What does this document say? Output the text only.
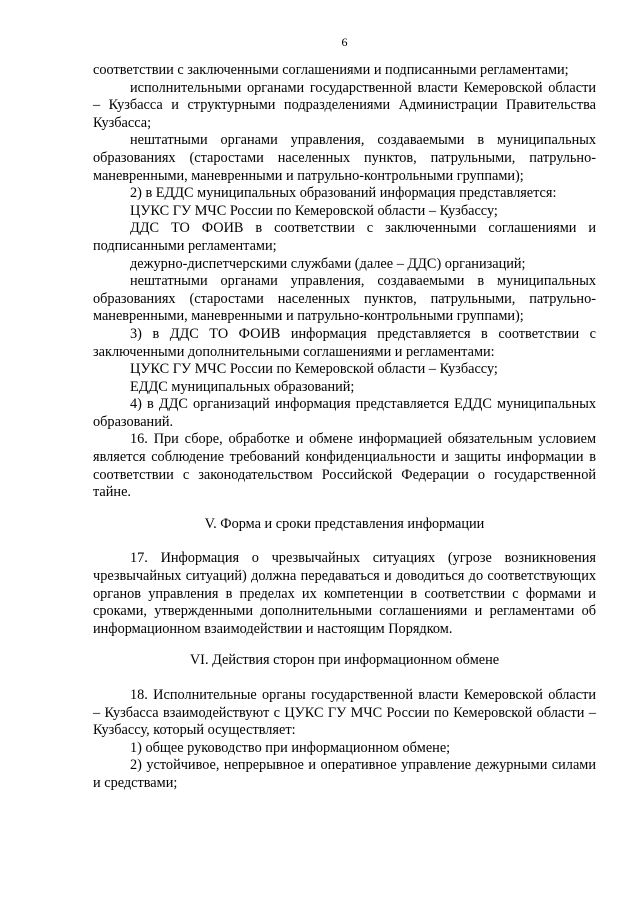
6

соответствии с заключенными соглашениями и подписанными регламентами;

исполнительными органами государственной власти Кемеровской области – Кузбасса и структурными подразделениями Администрации Правительства Кузбасса;

нештатными органами управления, создаваемыми в муниципальных образованиях (старостами населенных пунктов, патрульными, патрульно-маневренными, маневренными и патрульно-контрольными группами);

2) в ЕДДС муниципальных образований информация представляется:

ЦУКС ГУ МЧС России по Кемеровской области – Кузбассу;

ДДС ТО ФОИВ в соответствии с заключенными соглашениями и подписанными регламентами;

дежурно-диспетчерскими службами (далее – ДДС) организаций;

нештатными органами управления, создаваемыми в муниципальных образованиях (старостами населенных пунктов, патрульными, патрульно-маневренными, маневренными и патрульно-контрольными группами);

3) в ДДС ТО ФОИВ информация представляется в соответствии с заключенными дополнительными соглашениями и регламентами:

ЦУКС ГУ МЧС России по Кемеровской области – Кузбассу;

ЕДДС муниципальных образований;

4) в ДДС организаций информация представляется ЕДДС муниципальных образований.

16. При сборе, обработке и обмене информацией обязательным условием является соблюдение требований конфиденциальности и защиты информации в соответствии с законодательством Российской Федерации о государственной тайне.

V. Форма и сроки представления информации

17. Информация о чрезвычайных ситуациях (угрозе возникновения чрезвычайных ситуаций) должна передаваться и доводиться до соответствующих органов управления в пределах их компетенции в соответствии с формами и сроками, утвержденными дополнительными соглашениями и регламентами об информационном взаимодействии и настоящим Порядком.

VI. Действия сторон при информационном обмене

18. Исполнительные органы государственной власти Кемеровской области – Кузбасса взаимодействуют с ЦУКС ГУ МЧС России по Кемеровской области – Кузбассу, который осуществляет:

1) общее руководство при информационном обмене;

2) устойчивое, непрерывное и оперативное управление дежурными силами и средствами;
